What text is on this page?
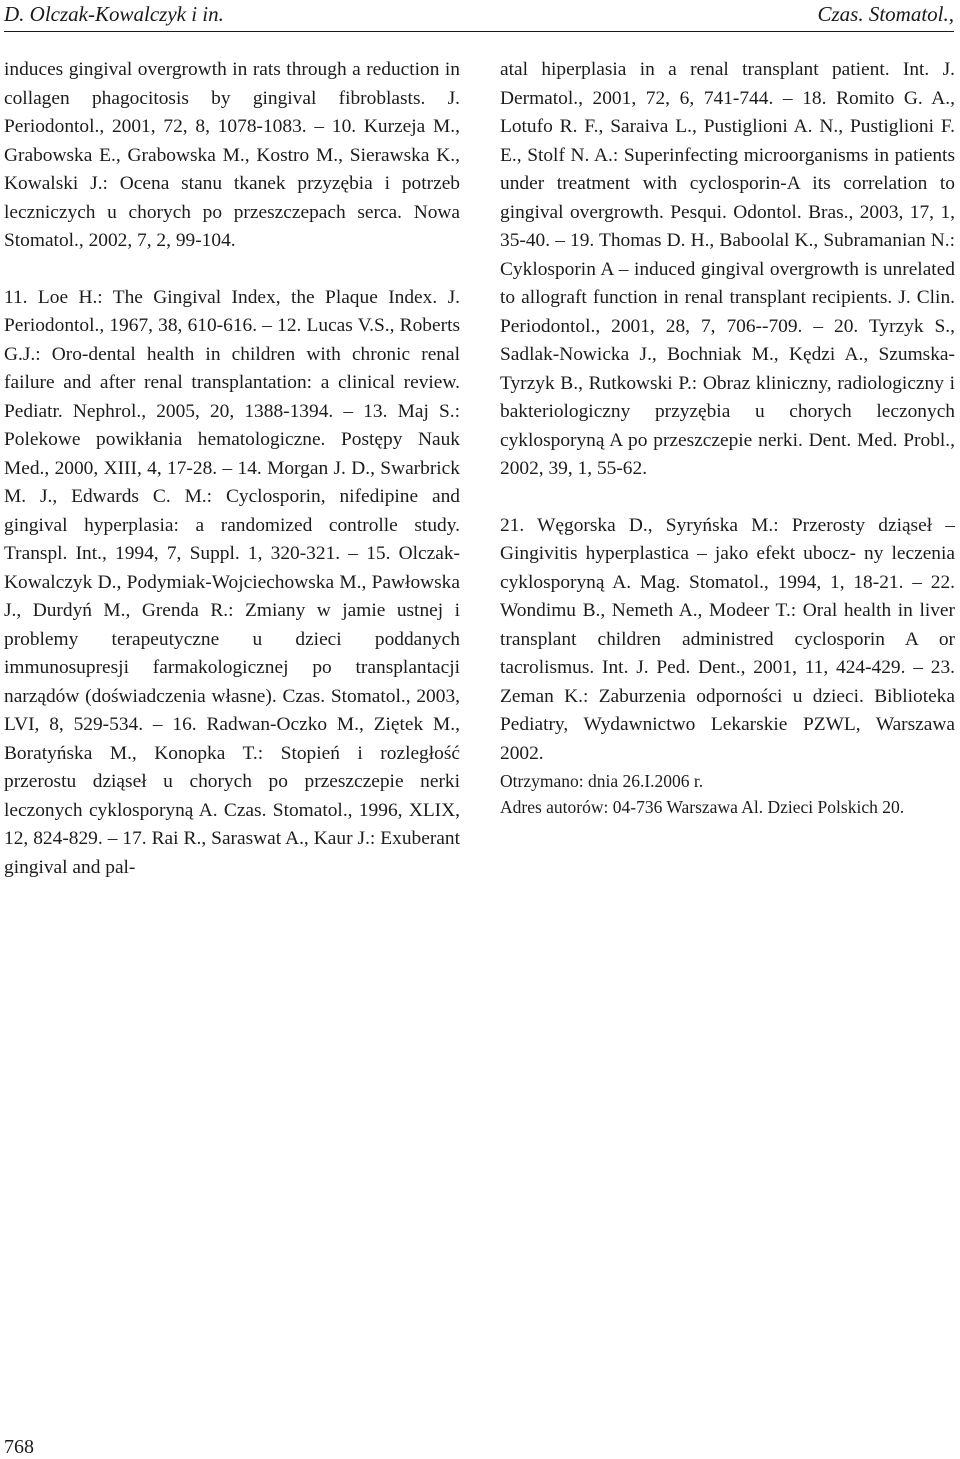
D. Olczak-Kowalczyk i in.	Czas. Stomatol.,

induces gingival overgrowth in rats through a reduction in collagen phagocitosis by gingival fibroblasts. J. Periodontol., 2001, 72, 8, 1078-1083. – 10. Kurzeja M., Grabowska E., Grabowska M., Kostro M., Sierawska K., Kowalski J.: Ocena stanu tkanek przyzębia i potrzeb leczniczych u chorych po przeszczepach serca. Nowa Stomatol., 2002, 7, 2, 99-104.

11. Loe H.: The Gingival Index, the Plaque Index. J. Periodontol., 1967, 38, 610-616. – 12. Lucas V.S., Roberts G.J.: Oro-dental health in children with chronic renal failure and after renal transplantation: a clinical review. Pediatr. Nephrol., 2005, 20, 1388-1394. – 13. Maj S.: Polekowe powikłania hematologiczne. Postępy Nauk Med., 2000, XIII, 4, 17-28. – 14. Morgan J. D., Swarbrick M. J., Edwards C. M.: Cyclosporin, nifedipine and gingival hyperplasia: a randomized controlle study. Transpl. Int., 1994, 7, Suppl. 1, 320-321. – 15. Olczak-Kowalczyk D., Podymiak-Wojciechowska M., Pawłowska J., Durdyń M., Grenda R.: Zmiany w jamie ustnej i problemy terapeutyczne u dzieci poddanych immunosupresji farmakologicznej po transplantacji narządów (doświadczenia własne). Czas. Stomatol., 2003, LVI, 8, 529-534. – 16. Radwan-Oczko M., Ziętek M., Boratyńska M., Konopka T.: Stopień i rozległość przerostu dziąseł u chorych po przeszczepie nerki leczonych cyklosporyną A. Czas. Stomatol., 1996, XLIX, 12, 824-829. – 17. Rai R., Saraswat A., Kaur J.: Exuberant gingival and pal-

atal hiperplasia in a renal transplant patient. Int. J. Dermatol., 2001, 72, 6, 741-744. – 18. Romito G. A., Lotufo R. F., Saraiva L., Pustiglioni A. N., Pustiglioni F. E., Stolf N. A.: Superinfecting microorganisms in patients under treatment with cyclosporin-A its correlation to gingival overgrowth. Pesqui. Odontol. Bras., 2003, 17, 1, 35-40. – 19. Thomas D. H., Baboolal K., Subramanian N.: Cyklosporin A – induced gingival overgrowth is unrelated to allograft function in renal transplant recipients. J. Clin. Periodontol., 2001, 28, 7, 706--709. – 20. Tyrzyk S., Sadlak-Nowicka J., Bochniak M., Kędzi A., Szumska-Tyrzyk B., Rutkowski P.: Obraz kliniczny, radiologiczny i bakteriologiczny przyzębia u chorych leczonych cyklosporyną A po przeszczepie nerki. Dent. Med. Probl., 2002, 39, 1, 55-62.

21. Węgorska D., Syryńska M.: Przerosty dziąseł – Gingivitis hyperplastica – jako efekt ubocz- ny leczenia cyklosporyną A. Mag. Stomatol., 1994, 1, 18-21. – 22. Wondimu B., Nemeth A., Modeer T.: Oral health in liver transplant children administred cyclosporin A or tacrolismus. Int. J. Ped. Dent., 2001, 11, 424-429. – 23. Zeman K.: Zaburzenia odporności u dzieci. Biblioteka Pediatry, Wydawnictwo Lekarskie PZWL, Warszawa 2002.

Otrzymano: dnia 26.I.2006 r.

Adres autorów: 04-736 Warszawa Al. Dzieci Polskich 20.

768
